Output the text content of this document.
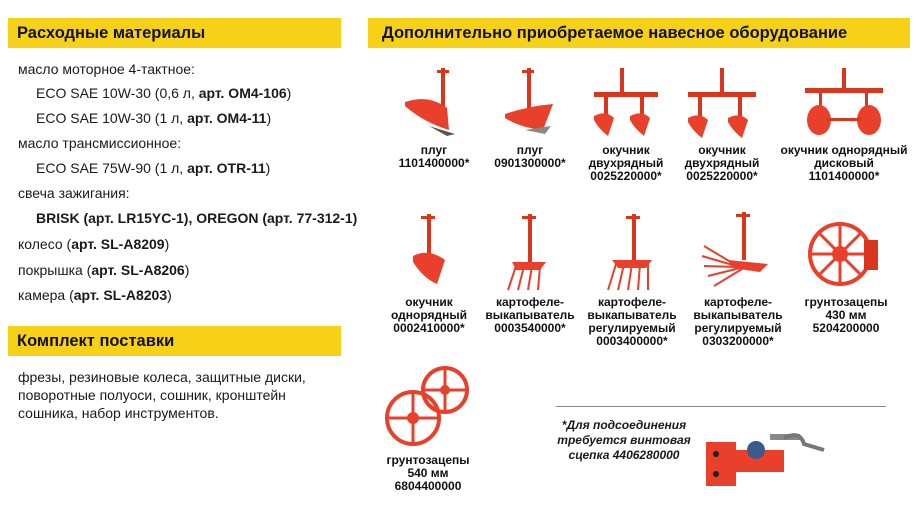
Расходные материалы
масло моторное 4-тактное:
ECO SAE 10W-30 (0,6 л, арт. OM4-106)
ECO SAE 10W-30 (1 л, арт. OM4-11)
масло трансмиссионное:
ECO SAE 75W-90 (1 л, арт. OTR-11)
свеча зажигания:
BRISK (арт. LR15YC-1), OREGON (арт. 77-312-1)
колесо (арт. SL-A8209)
покрышка (арт. SL-A8206)
камера (арт. SL-A8203)
Комплект поставки
фрезы, резиновые колеса, защитные диски, поворотные полуоси, сошник, кронштейн сошника, набор инструментов.
Дополнительно приобретаемое навесное оборудование
плуг
1101400000*
плуг
0901300000*
окучник двухрядный
0025220000*
окучник двухрядный
0025220000*
окучник однорядный дисковый
1101400000*
окучник однорядный
0002410000*
картофеле-выкапыватель
0003540000*
картофеле-выкапыватель регулируемый
0003400000*
картофеле-выкапыватель регулируемый
0303200000*
грунтозацепы 430 мм
5204200000
грунтозацепы 540 мм
6804400000
*Для подсоединения требуется винтовая сцепка 4406280000
